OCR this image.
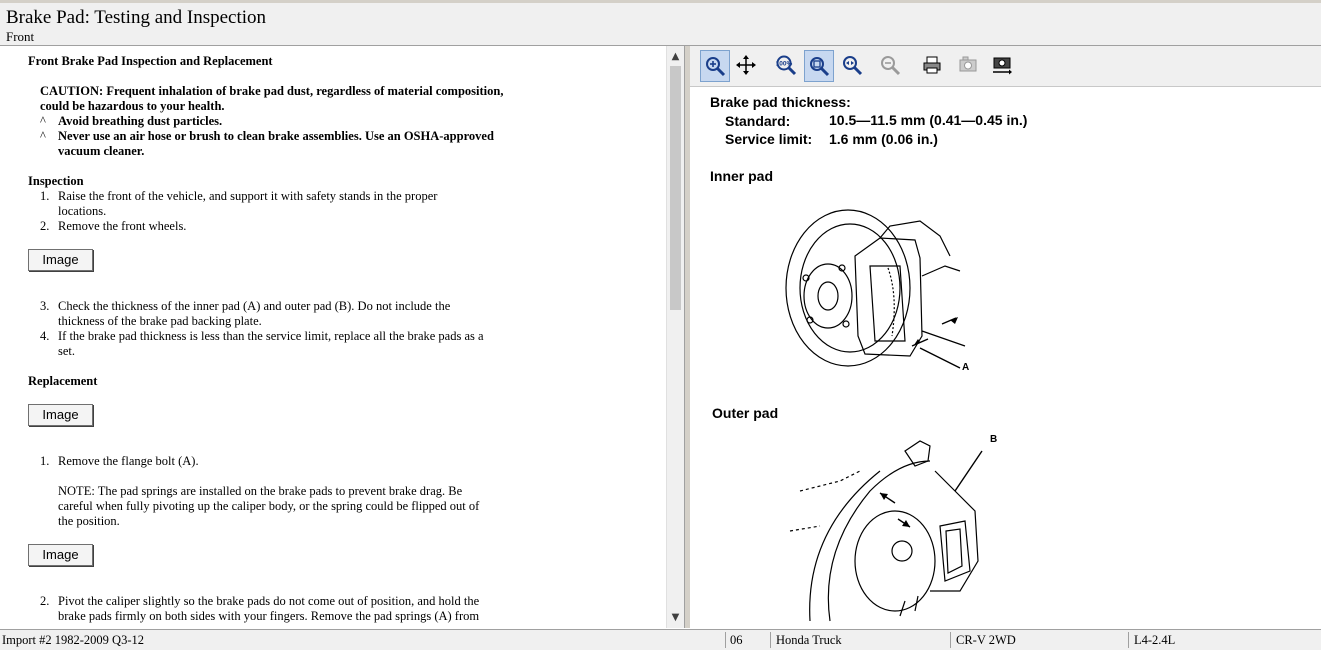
Brake Pad: Testing and Inspection
Front
Front Brake Pad Inspection and Replacement
CAUTION: Frequent inhalation of brake pad dust, regardless of material composition,
could be hazardous to your health.
^ Avoid breathing dust particles.
^ Never use an air hose or brush to clean brake assemblies. Use an OSHA-approved
vacuum cleaner.
Inspection
1. Raise the front of the vehicle, and support it with safety stands in the proper
locations.
2. Remove the front wheels.
Image
3. Check the thickness of the inner pad (A) and outer pad (B). Do not include the
thickness of the brake pad backing plate.
4. If the brake pad thickness is less than the service limit, replace all the brake pads as a
set.
Replacement
Image
1. Remove the flange bolt (A).
NOTE: The pad springs are installed on the brake pads to prevent brake drag. Be
careful when fully pivoting up the caliper body, or the spring could be flipped out of
the position.
Image
2. Pivot the caliper slightly so the brake pads do not come out of position, and hold the
brake pads firmly on both sides with your fingers. Remove the pad springs (A) from
▲
▼
100%
Brake pad thickness:
Standard:	10.5—11.5 mm (0.41—0.45 in.)
Service limit: 1.6 mm (0.06 in.)
Inner pad
Outer pad
A
B
Import #2 1982-2009 Q3-12	06	Honda Truck	CR-V 2WD	L4-2.4L
